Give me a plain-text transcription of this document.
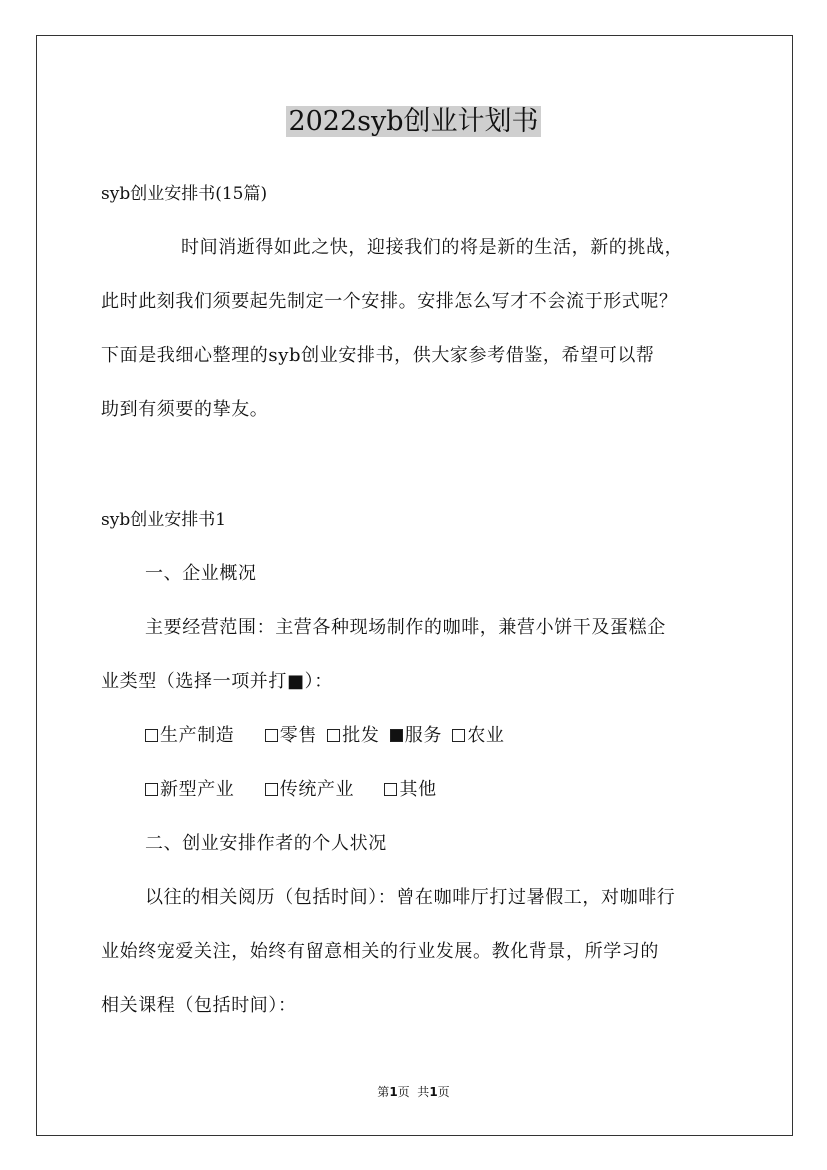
2022syb创业计划书
syb创业安排书(15篇)
时间消逝得如此之快，迎接我们的将是新的生活，新的挑战，
此时此刻我们须要起先制定一个安排。安排怎么写才不会流于形式呢？
下面是我细心整理的syb创业安排书，供大家参考借鉴，希望可以帮
助到有须要的挚友。
syb创业安排书1
一、企业概况
主要经营范围：主营各种现场制作的咖啡，兼营小饼干及蛋糕企
业类型（选择一项并打■）：
生产制造	零售 批发 服务 农业
新型产业	传统产业	其他
二、创业安排作者的个人状况
以往的相关阅历（包括时间）：曾在咖啡厅打过暑假工，对咖啡行
业始终宠爱关注，始终有留意相关的行业发展。教化背景，所学习的
相关课程（包括时间）：
第1页  共1页
